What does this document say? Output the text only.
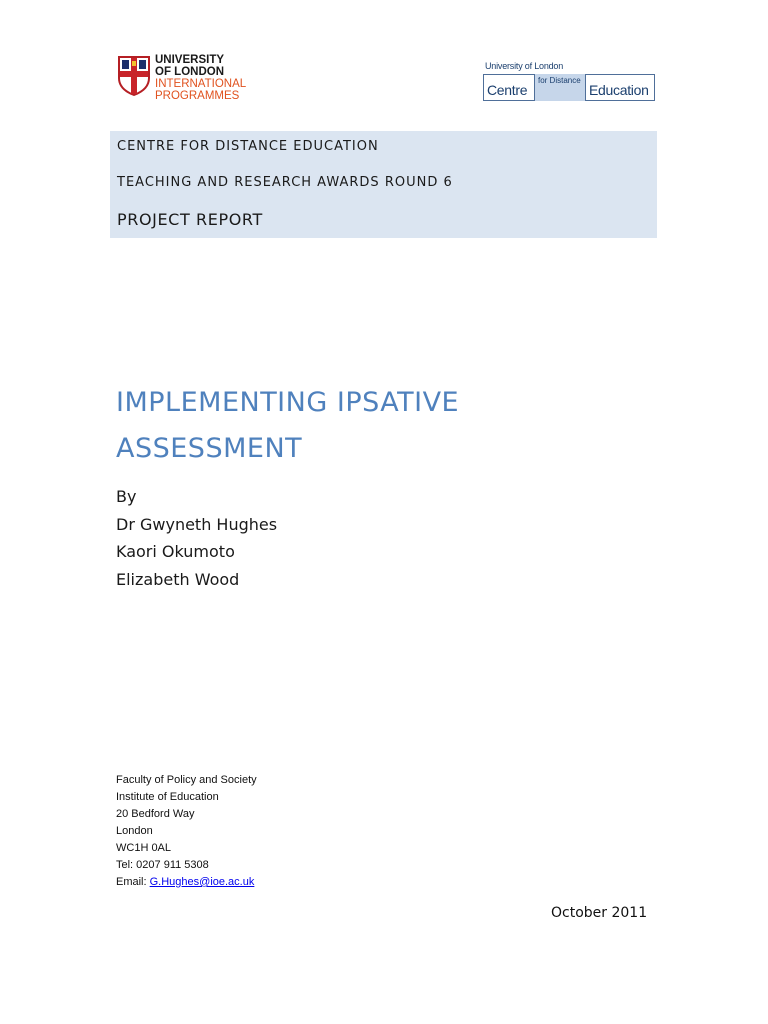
UNIVERSITY
OF LONDON
INTERNATIONAL
PROGRAMMES
University of London
Centre
for Distance
Education
CENTRE FOR DISTANCE EDUCATION
TEACHING AND RESEARCH AWARDS ROUND 6
PROJECT REPORT
IMPLEMENTING IPSATIVE
ASSESSMENT
By
Dr Gwyneth Hughes
Kaori Okumoto
Elizabeth Wood
Faculty of Policy and Society
Institute of Education
20 Bedford Way
London
WC1H 0AL
Tel: 0207 911 5308
Email: G.Hughes@ioe.ac.uk
October 2011
